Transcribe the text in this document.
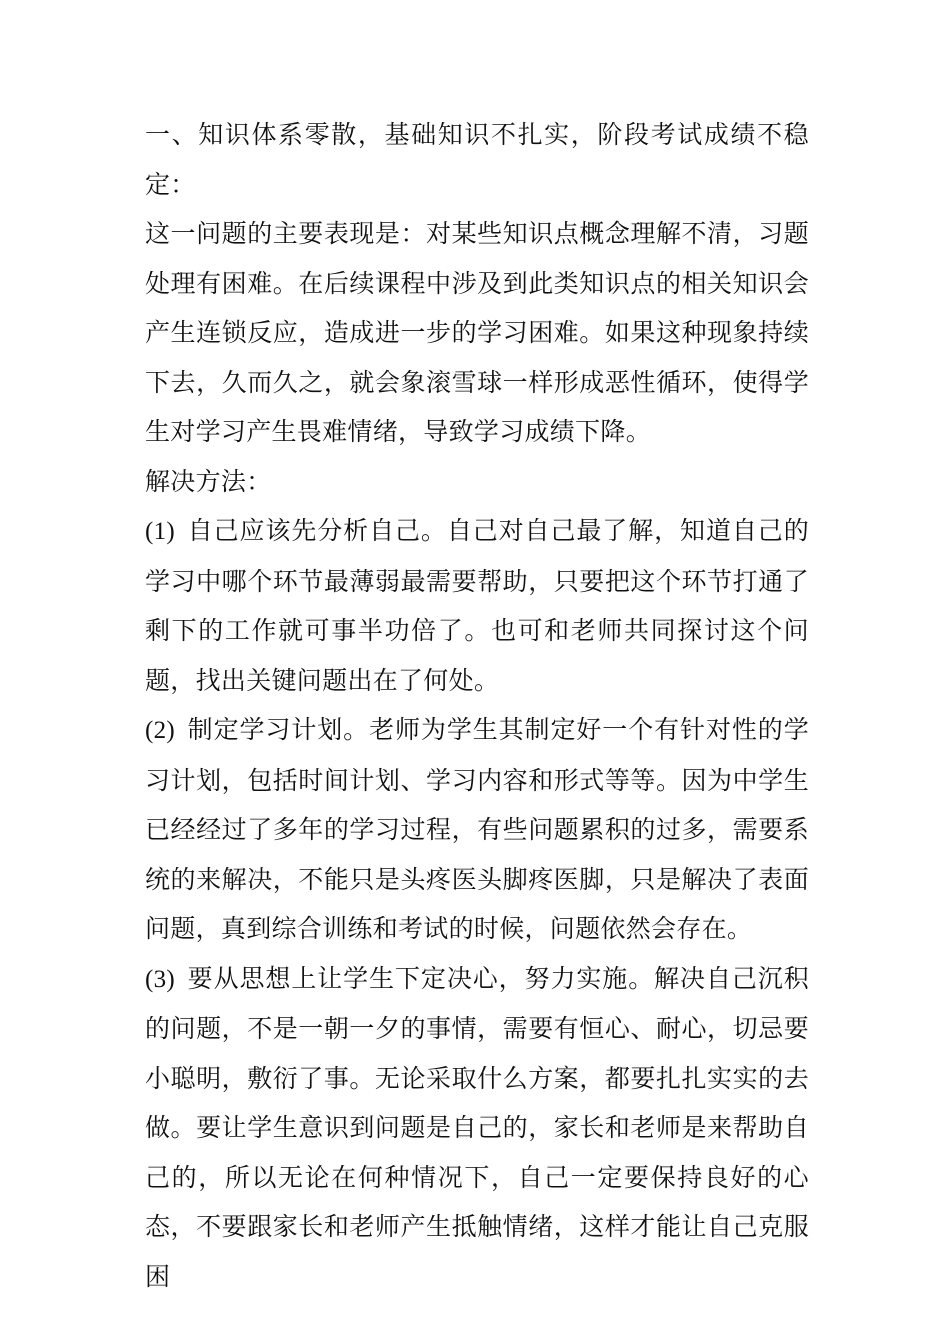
一、知识体系零散，基础知识不扎实，阶段考试成绩不稳定：

这一问题的主要表现是：对某些知识点概念理解不清，习题处理有困难。在后续课程中涉及到此类知识点的相关知识会产生连锁反应，造成进一步的学习困难。如果这种现象持续下去，久而久之，就会象滚雪球一样形成恶性循环，使得学生对学习产生畏难情绪，导致学习成绩下降。

解决方法：

(1) 自己应该先分析自己。自己对自己最了解，知道自己的学习中哪个环节最薄弱最需要帮助，只要把这个环节打通了剩下的工作就可事半功倍了。也可和老师共同探讨这个问题，找出关键问题出在了何处。

(2) 制定学习计划。老师为学生其制定好一个有针对性的学习计划，包括时间计划、学习内容和形式等等。因为中学生已经经过了多年的学习过程，有些问题累积的过多，需要系统的来解决，不能只是头疼医头脚疼医脚，只是解决了表面问题，真到综合训练和考试的时候，问题依然会存在。

(3) 要从思想上让学生下定决心，努力实施。解决自己沉积的问题，不是一朝一夕的事情，需要有恒心、耐心，切忌要小聪明，敷衍了事。无论采取什么方案，都要扎扎实实的去做。要让学生意识到问题是自己的，家长和老师是来帮助自己的，所以无论在何种情况下，自己一定要保持良好的心态，不要跟家长和老师产生抵触情绪，这样才能让自己克服困
